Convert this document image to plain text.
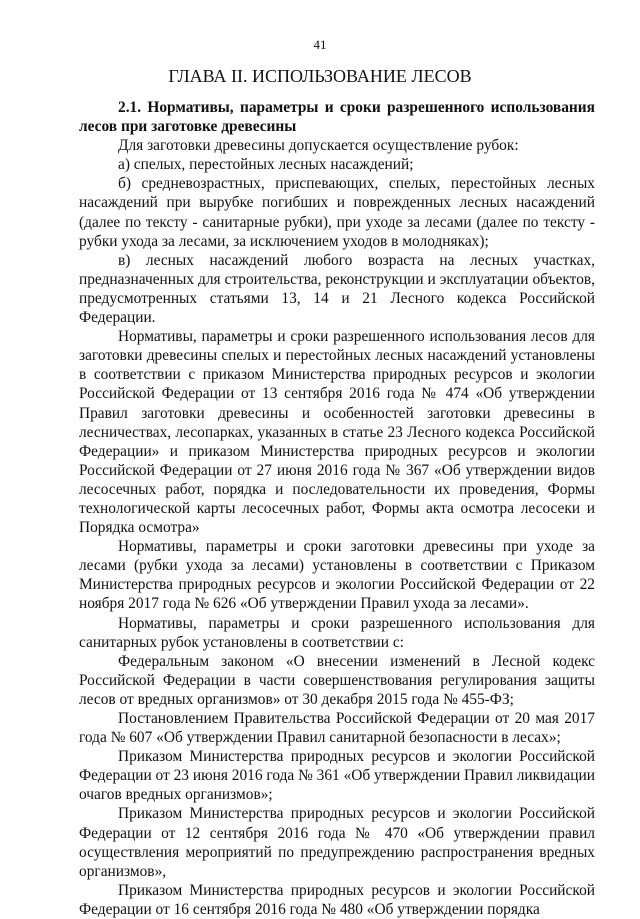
41
ГЛАВА II. ИСПОЛЬЗОВАНИЕ ЛЕСОВ

2.1. Нормативы, параметры и сроки разрешенного использования лесов при заготовке древесины

Для заготовки древесины допускается осуществление рубок:

а) спелых, перестойных лесных насаждений;

б) средневозрастных, приспевающих, спелых, перестойных лесных насаждений при вырубке погибших и поврежденных лесных насаждений (далее по тексту - санитарные рубки), при уходе за лесами (далее по тексту - рубки ухода за лесами, за исключением уходов в молодняках);

в) лесных насаждений любого возраста на лесных участках, предназначенных для строительства, реконструкции и эксплуатации объектов, предусмотренных статьями 13, 14 и 21 Лесного кодекса Российской Федерации.

Нормативы, параметры и сроки разрешенного использования лесов для заготовки древесины спелых и перестойных лесных насаждений установлены в соответствии с приказом Министерства природных ресурсов и экологии Российской Федерации от 13 сентября 2016 года № 474 «Об утверждении Правил заготовки древесины и особенностей заготовки древесины в лесничествах, лесопарках, указанных в статье 23 Лесного кодекса Российской Федерации» и приказом Министерства природных ресурсов и экологии Российской Федерации от 27 июня 2016 года № 367 «Об утверждении видов лесосечных работ, порядка и последовательности их проведения, Формы технологической карты лесосечных работ, Формы акта осмотра лесосеки и Порядка осмотра»

Нормативы, параметры и сроки заготовки древесины при уходе за лесами (рубки ухода за лесами) установлены в соответствии с Приказом Министерства природных ресурсов и экологии Российской Федерации от 22 ноября 2017 года № 626 «Об утверждении Правил ухода за лесами».

Нормативы, параметры и сроки разрешенного использования для санитарных рубок установлены в соответствии с:

Федеральным законом «О внесении изменений в Лесной кодекс Российской Федерации в части совершенствования регулирования защиты лесов от вредных организмов» от 30 декабря 2015 года № 455-ФЗ;

Постановлением Правительства Российской Федерации от 20 мая 2017 года № 607 «Об утверждении Правил санитарной безопасности в лесах»;

Приказом Министерства природных ресурсов и экологии Российской Федерации от 23 июня 2016 года № 361 «Об утверждении Правил ликвидации очагов вредных организмов»;

Приказом Министерства природных ресурсов и экологии Российской Федерации от 12 сентября 2016 года № 470 «Об утверждении правил осуществления мероприятий по предупреждению распространения вредных организмов»,

Приказом Министерства природных ресурсов и экологии Российской Федерации от 16 сентября 2016 года № 480 «Об утверждении порядка
